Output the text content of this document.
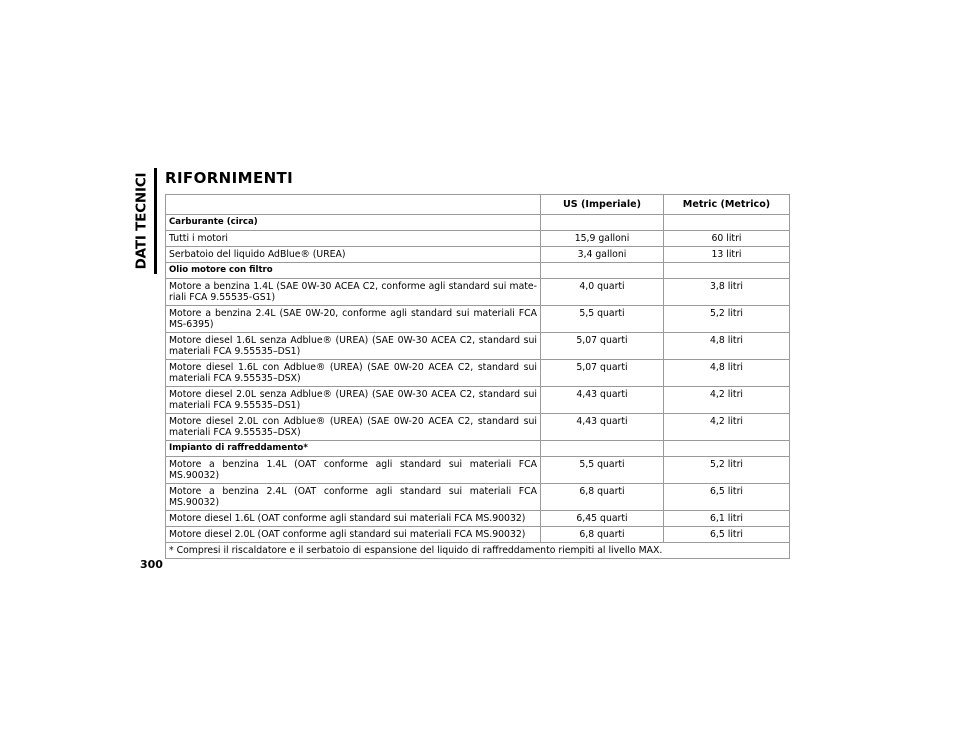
DATI TECNICI RIFORNIMENTI
	US (Imperiale)	Metric (Metrico)
Carburante (circa)		
Tutti i motori	15,9 galloni	60 litri
Serbatoio del liquido AdBlue® (UREA)	3,4 galloni	13 litri
Olio motore con filtro		
Motore a benzina 1.4L (SAE 0W-30 ACEA C2, conforme agli standard sui mate-riali FCA 9.55535-GS1)	4,0 quarti	3,8 litri
Motore a benzina 2.4L (SAE 0W-20, conforme agli standard sui materiali FCA MS-6395)	5,5 quarti	5,2 litri
Motore diesel 1.6L senza Adblue® (UREA) (SAE 0W-30 ACEA C2, standard sui materiali FCA 9.55535–DS1)	5,07 quarti	4,8 litri
Motore diesel 1.6L con Adblue® (UREA) (SAE 0W-20 ACEA C2, standard sui materiali FCA 9.55535–DSX)	5,07 quarti	4,8 litri
Motore diesel 2.0L senza Adblue® (UREA) (SAE 0W-30 ACEA C2, standard sui materiali FCA 9.55535–DS1)	4,43 quarti	4,2 litri
Motore diesel 2.0L con Adblue® (UREA) (SAE 0W-20 ACEA C2, standard sui materiali FCA 9.55535–DSX)	4,43 quarti	4,2 litri
Impianto di raffreddamento*		
Motore a benzina 1.4L (OAT conforme agli standard sui materiali FCA MS.90032)	5,5 quarti	5,2 litri
Motore a benzina 2.4L (OAT conforme agli standard sui materiali FCA MS.90032)	6,8 quarti	6,5 litri
Motore diesel 1.6L (OAT conforme agli standard sui materiali FCA MS.90032)	6,45 quarti	6,1 litri
Motore diesel 2.0L (OAT conforme agli standard sui materiali FCA MS.90032)	6,8 quarti	6,5 litri
* Compresi il riscaldatore e il serbatoio di espansione del liquido di raffreddamento riempiti al livello MAX.		
300
